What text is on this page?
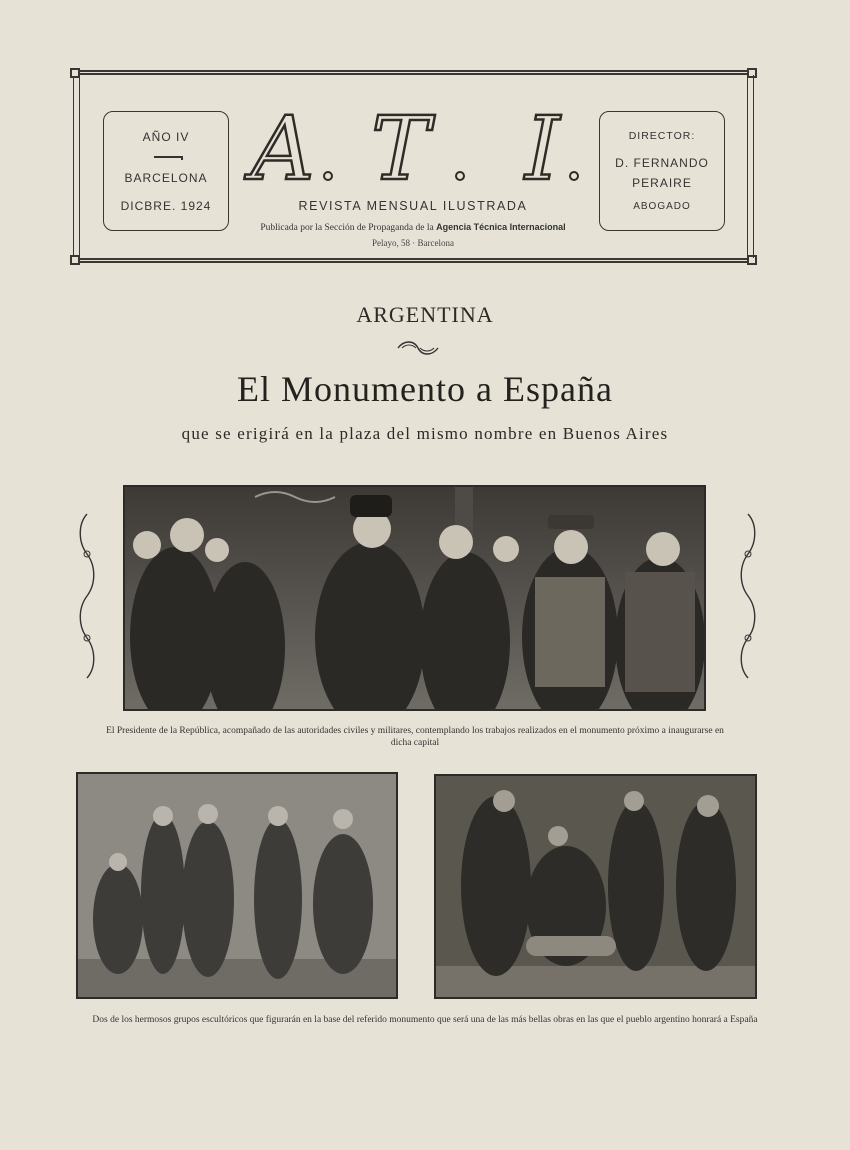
AÑO IV
BARCELONA
DICBRE. 1924
A T I
REVISTA MENSUAL ILUSTRADA
Publicada por la Sección de Propaganda de la Agencia Técnica Internacional
Pelayo, 58 · Barcelona
DIRECTOR:
D. FERNANDO
PERAIRE
ABOGADO
ARGENTINA
El Monumento a España
que se erigirá en la plaza del mismo nombre en Buenos Aires
El Presidente de la República, acompañado de las autoridades civiles y militares, contemplando los trabajos realizados en el monumento próximo a inaugurarse en dicha capital
Dos de los hermosos grupos escultóricos que figurarán en la base del referido monumento que será una de las más bellas obras en las que el pueblo argentino honrará a España
